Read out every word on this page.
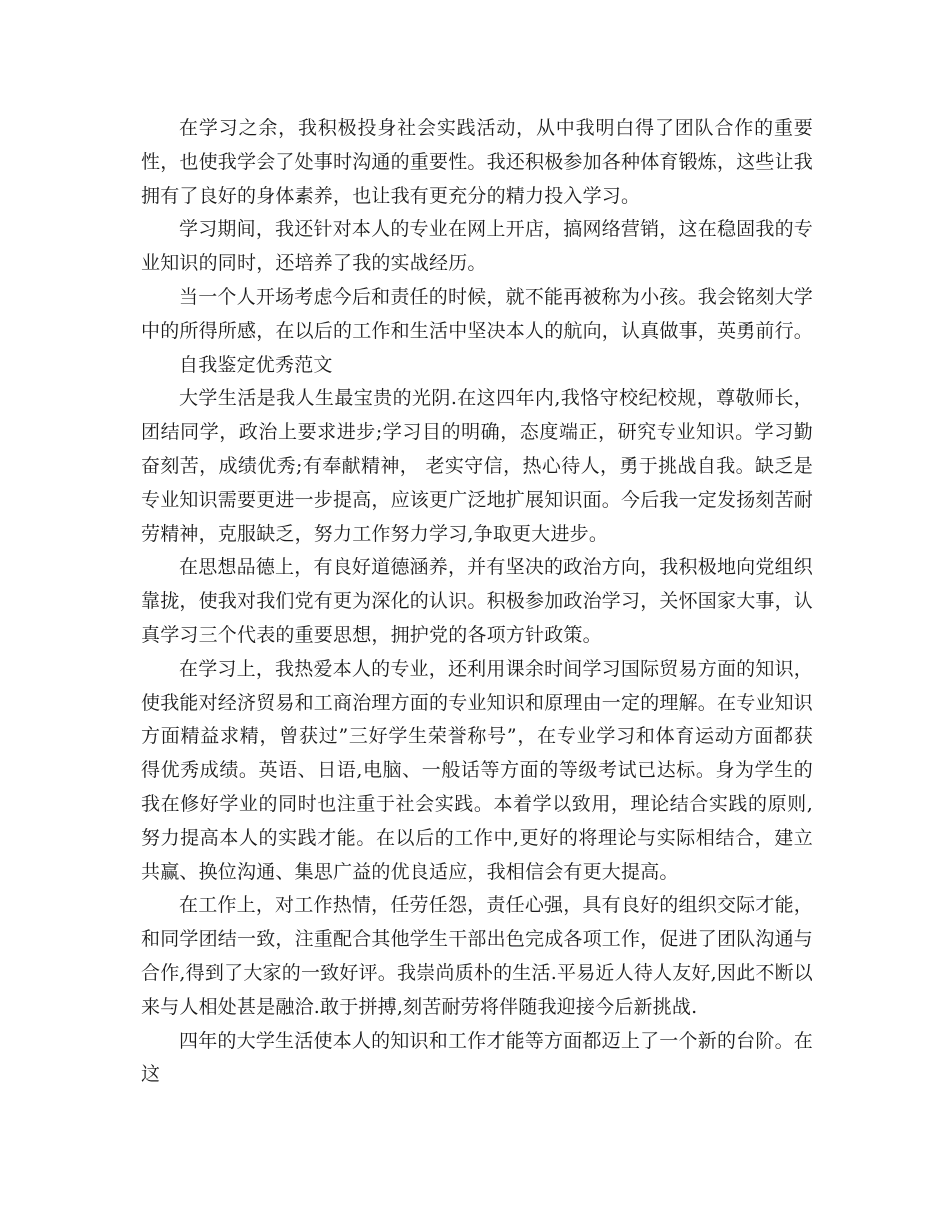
在学习之余，我积极投身社会实践活动，从中我明白得了团队合作的重要性，也使我学会了处事时沟通的重要性。我还积极参加各种体育锻炼，这些让我拥有了良好的身体素养，也让我有更充分的精力投入学习。

学习期间，我还针对本人的专业在网上开店，搞网络营销，这在稳固我的专业知识的同时，还培养了我的实战经历。

当一个人开场考虑今后和责任的时候，就不能再被称为小孩。我会铭刻大学中的所得所感，在以后的工作和生活中坚决本人的航向，认真做事，英勇前行。

自我鉴定优秀范文

大学生活是我人生最宝贵的光阴.在这四年内,我恪守校纪校规，尊敬师长，团结同学，政治上要求进步;学习目的明确，态度端正，研究专业知识。学习勤奋刻苦，成绩优秀;有奉献精神， 老实守信，热心待人，勇于挑战自我。缺乏是专业知识需要更进一步提高，应该更广泛地扩展知识面。今后我一定发扬刻苦耐劳精神，克服缺乏，努力工作努力学习,争取更大进步。

在思想品德上，有良好道德涵养，并有坚决的政治方向，我积极地向党组织靠拢，使我对我们党有更为深化的认识。积极参加政治学习，关怀国家大事，认真学习三个代表的重要思想，拥护党的各项方针政策。

在学习上，我热爱本人的专业，还利用课余时间学习国际贸易方面的知识，使我能对经济贸易和工商治理方面的专业知识和原理由一定的理解。在专业知识方面精益求精，曾获过”三好学生荣誉称号”，在专业学习和体育运动方面都获得优秀成绩。英语、日语,电脑、一般话等方面的等级考试已达标。身为学生的我在修好学业的同时也注重于社会实践。本着学以致用，理论结合实践的原则,努力提高本人的实践才能。在以后的工作中,更好的将理论与实际相结合，建立共赢、换位沟通、集思广益的优良适应，我相信会有更大提高。

在工作上，对工作热情，任劳任怨，责任心强，具有良好的组织交际才能，和同学团结一致，注重配合其他学生干部出色完成各项工作，促进了团队沟通与合作,得到了大家的一致好评。我崇尚质朴的生活.平易近人待人友好,因此不断以来与人相处甚是融洽.敢于拼搏,刻苦耐劳将伴随我迎接今后新挑战.

四年的大学生活使本人的知识和工作才能等方面都迈上了一个新的台阶。在这
